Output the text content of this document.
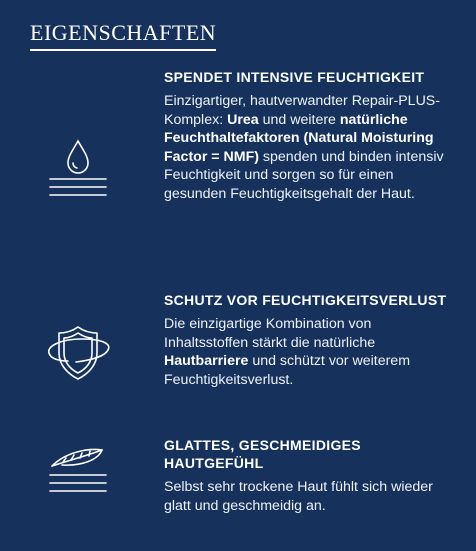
EIGENSCHAFTEN
SPENDET INTENSIVE FEUCHTIGKEIT

Einzigartiger, hautverwandter Repair-PLUS-Komplex: Urea und weitere natürliche Feuchthaltefaktoren (Natural Moisturing Factor = NMF) spenden und binden intensiv Feuchtigkeit und sorgen so für einen gesunden Feuchtigkeitsgehalt der Haut.

SCHUTZ VOR FEUCHTIGKEITSVERLUST

Die einzigartige Kombination von Inhaltsstoffen stärkt die natürliche Hautbarriere und schützt vor weiterem Feuchtigkeitsverlust.

GLATTES, GESCHMEIDIGES HAUTGEFÜHL

Selbst sehr trockene Haut fühlt sich wieder glatt und geschmeidig an.
